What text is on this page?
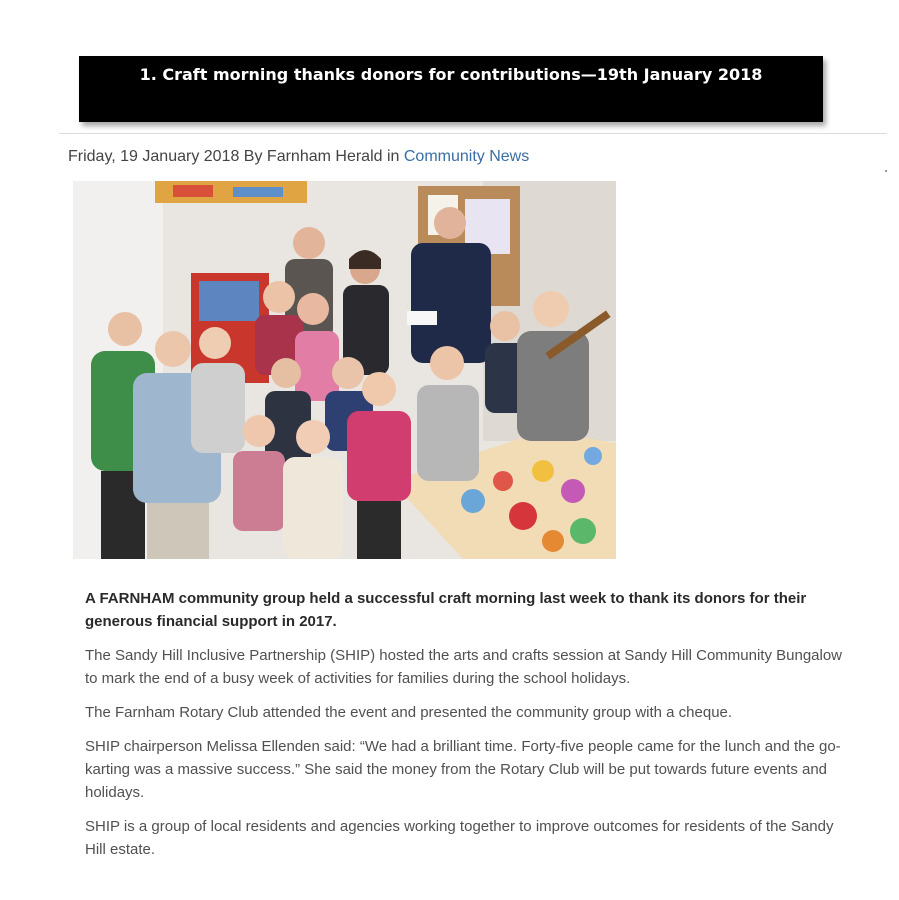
1. Craft morning thanks donors for contributions—19th January 2018
Friday, 19 January 2018 By Farnham Herald in Community News

A FARNHAM community group held a successful craft morning last week to thank its donors for their generous financial support in 2017.

The Sandy Hill Inclusive Partnership (SHIP) hosted the arts and crafts session at Sandy Hill Community Bungalow to mark the end of a busy week of activities for families during the school holidays.

The Farnham Rotary Club attended the event and presented the community group with a cheque.

SHIP chairperson Melissa Ellenden said: “We had a brilliant time. Forty-five people came for the lunch and the go-karting was a massive success.” She said the money from the Rotary Club will be put towards future events and holidays.

SHIP is a group of local residents and agencies working together to improve outcomes for residents of the Sandy Hill estate.
